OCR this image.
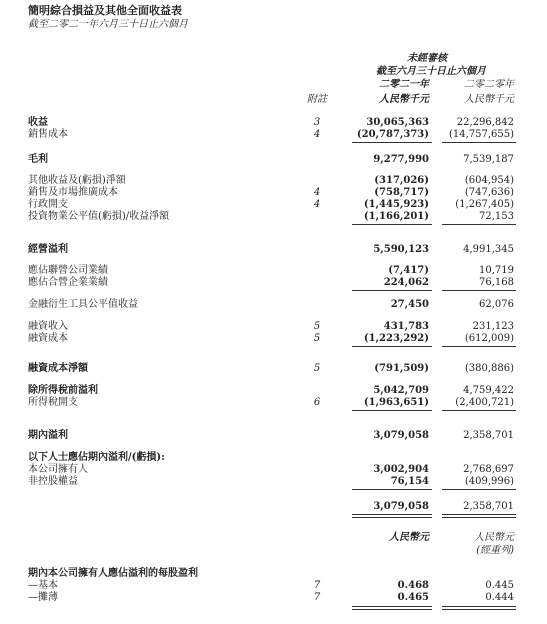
簡明綜合損益及其他全面收益表
截至二零二一年六月三十日止六個月
未經審核
截至六月三十日止六個月
二零二一年	二零二零年
附註	人民幣千元	人民幣千元
收益	3	30,065,363	22,296,842
銷售成本	4	(20,787,373)	(14,757,655)
毛利	9,277,990	7,539,187
其他收益及(虧損)淨額	(317,026)	(604,954)
銷售及市場推廣成本	4	(758,717)	(747,636)
行政開支	4	(1,445,923)	(1,267,405)
投資物業公平值(虧損)/收益淨額	(1,166,201)	72,153
經營溢利	5,590,123	4,991,345
應佔聯營公司業績	(7,417)	10,719
應佔合營企業業績	224,062	76,168
金融衍生工具公平值收益	27,450	62,076
融資收入	5	431,783	231,123
融資成本	5	(1,223,292)	(612,009)
融資成本淨額	5	(791,509)	(380,886)
除所得稅前溢利	5,042,709	4,759,422
所得稅開支	6	(1,963,651)	(2,400,721)
期內溢利	3,079,058	2,358,701
以下人士應佔期內溢利/(虧損):
本公司擁有人	3,002,904	2,768,697
非控股權益	76,154	(409,996)
3,079,058	2,358,701
人民幣元	人民幣元
(經重列)
期內本公司擁有人應佔溢利的每股盈利
—基本	7	0.468	0.445
—攤薄	7	0.465	0.444
